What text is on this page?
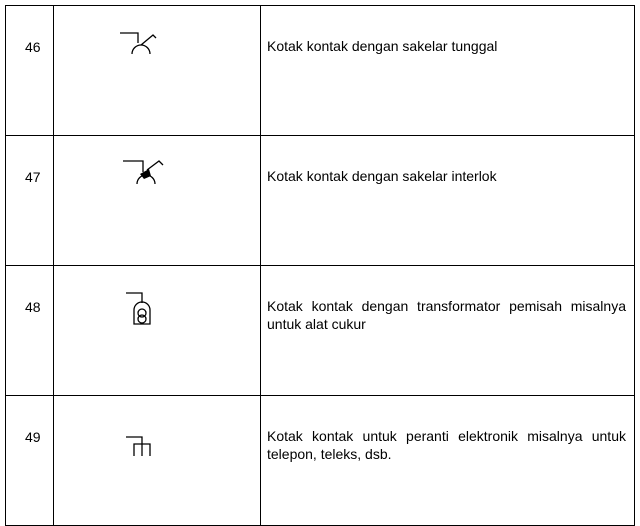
46		Kotak kontak dengan sakelar tunggal
47		Kotak kontak dengan sakelar interlok
48		Kotak kontak dengan transformator pemisah misalnya untuk alat cukur
49		Kotak kontak untuk peranti elektronik misalnya untuk telepon, teleks, dsb.
